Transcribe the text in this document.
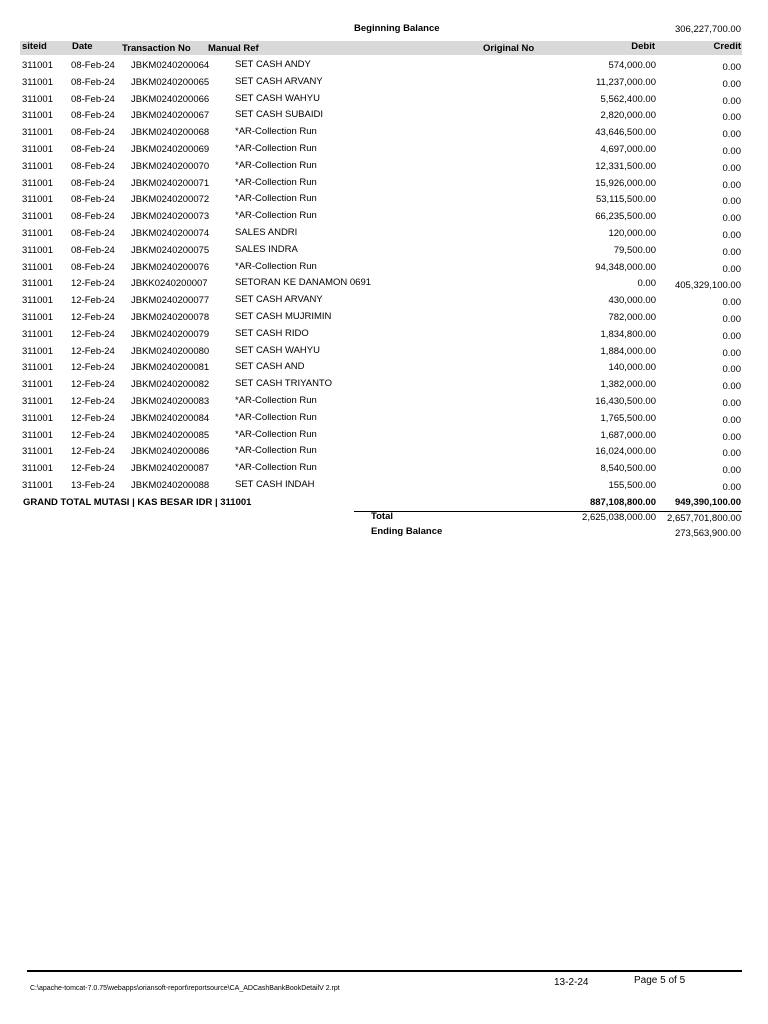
Beginning Balance	306,227,700.00
siteid	Date	Transaction No Manual Ref	Original No	Debit	Credit
311001 08-Feb-24 JBKM0240200064	SET CASH ANDY	574,000.00	0.00
311001 08-Feb-24 JBKM0240200065	SET CASH ARVANY	11,237,000.00	0.00
311001 08-Feb-24 JBKM0240200066	SET CASH WAHYU	5,562,400.00	0.00
311001 08-Feb-24 JBKM0240200067	SET CASH SUBAIDI	2,820,000.00	0.00
311001 08-Feb-24 JBKM0240200068	*AR-Collection Run	43,646,500.00	0.00
311001 08-Feb-24 JBKM0240200069	*AR-Collection Run	4,697,000.00	0.00
311001 08-Feb-24 JBKM0240200070	*AR-Collection Run	12,331,500.00	0.00
311001 08-Feb-24 JBKM0240200071	*AR-Collection Run	15,926,000.00	0.00
311001 08-Feb-24 JBKM0240200072	*AR-Collection Run	53,115,500.00	0.00
311001 08-Feb-24 JBKM0240200073	*AR-Collection Run	66,235,500.00	0.00
311001 08-Feb-24 JBKM0240200074	SALES ANDRI	120,000.00	0.00
311001 08-Feb-24 JBKM0240200075	SALES INDRA	79,500.00	0.00
311001 08-Feb-24 JBKM0240200076	*AR-Collection Run	94,348,000.00	0.00
311001 12-Feb-24 JBKK0240200007	SETORAN KE DANAMON 0691	0.00 405,329,100.00
311001 12-Feb-24 JBKM0240200077	SET CASH ARVANY	430,000.00	0.00
311001 12-Feb-24 JBKM0240200078	SET CASH MUJRIMIN	782,000.00	0.00
311001 12-Feb-24 JBKM0240200079	SET CASH RIDO	1,834,800.00	0.00
311001 12-Feb-24 JBKM0240200080	SET CASH WAHYU	1,884,000.00	0.00
311001 12-Feb-24 JBKM0240200081	SET CASH AND	140,000.00	0.00
311001 12-Feb-24 JBKM0240200082	SET CASH TRIYANTO	1,382,000.00	0.00
311001 12-Feb-24 JBKM0240200083	*AR-Collection Run	16,430,500.00	0.00
311001 12-Feb-24 JBKM0240200084	*AR-Collection Run	1,765,500.00	0.00
311001 12-Feb-24 JBKM0240200085	*AR-Collection Run	1,687,000.00	0.00
311001 12-Feb-24 JBKM0240200086	*AR-Collection Run	16,024,000.00	0.00
311001 12-Feb-24 JBKM0240200087	*AR-Collection Run	8,540,500.00	0.00
311001 13-Feb-24 JBKM0240200088	SET CASH INDAH	155,500.00	0.00
GRAND TOTAL MUTASI | KAS BESAR IDR | 311001	887,108,800.00 949,390,100.00
Total	2,625,038,000.00 2,657,701,800.00
Ending Balance	273,563,900.00
C:\apache-tomcat-7.0.75\webapps\oriansoft-report\reportsource\CA_ADCashBankBookDetailV 2.rpt
13-2-24	Page 5 of 5
